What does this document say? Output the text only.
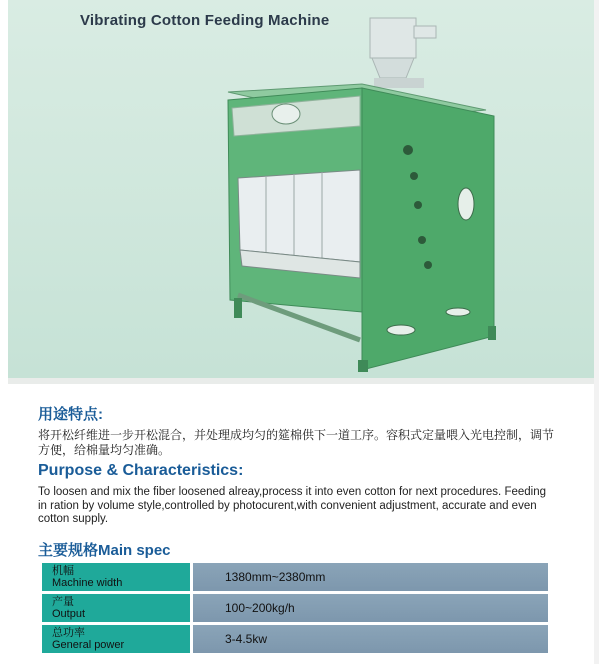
Vibrating Cotton Feeding Machine
用途特点:
将开松纤维进一步开松混合，并处理成均匀的筵棉供下一道工序。容积式定量喂入光电控制，调节方便，给棉量均匀准确。
Purpose & Characteristics:
To loosen and mix the fiber loosened alreay,process it into even cotton for next procedures. Feeding in ration by volume style,controlled by photocurent,with convenient adjustment, accurate and even cotton supply.
主要规格Main spec
机幅
Machine width	1380mm~2380mm
产量
Output	100~200kg/h
总功率
General power	3-4.5kw
